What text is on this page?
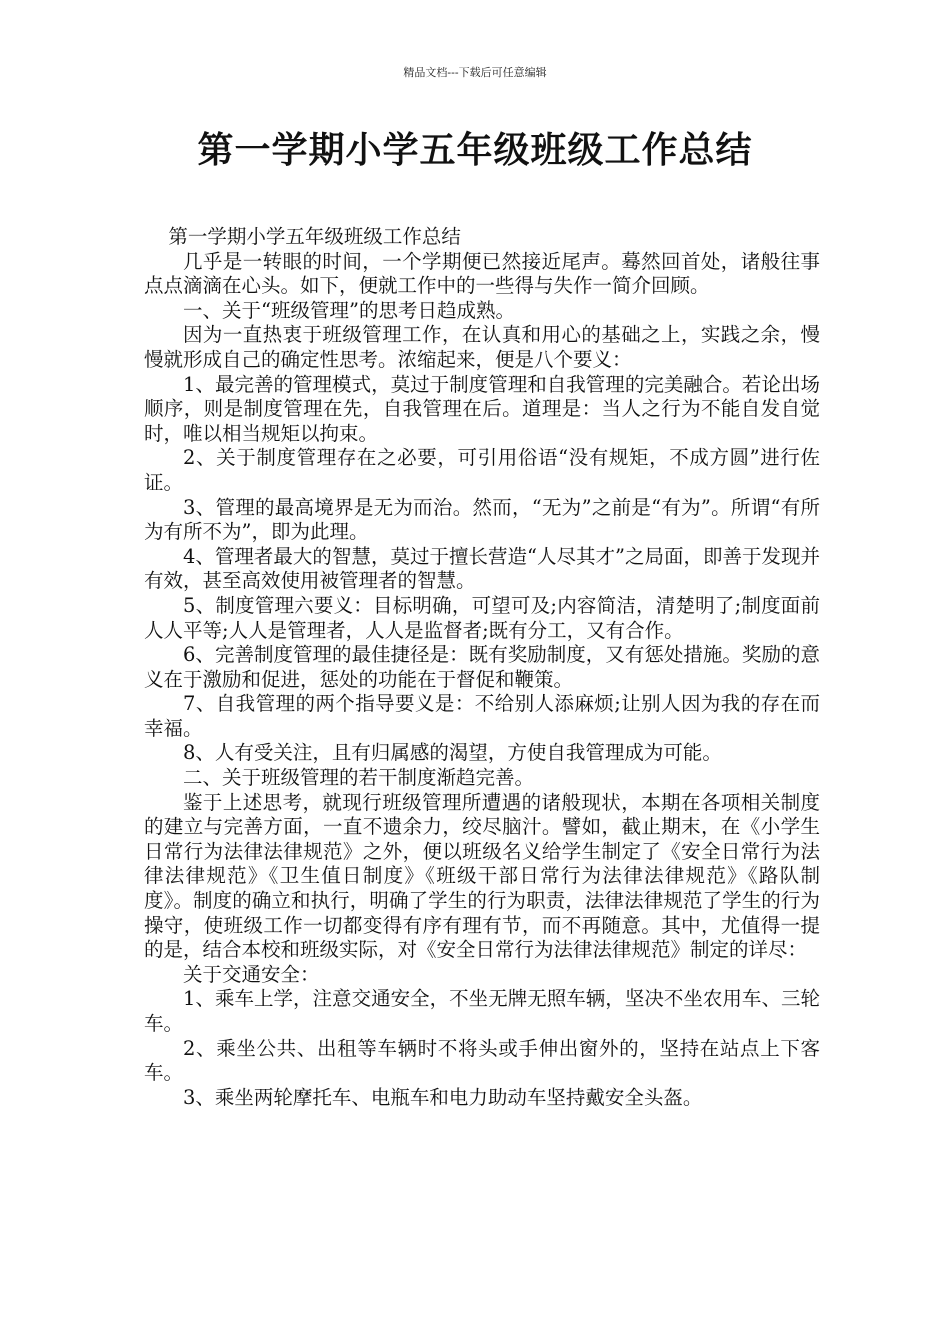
精品文档---下载后可任意编辑
第一学期小学五年级班级工作总结

第一学期小学五年级班级工作总结

几乎是一转眼的时间，一个学期便已然接近尾声。蓦然回首处，诸般往事点点滴滴在心头。如下，便就工作中的一些得与失作一简介回顾。

一、关于“班级管理”的思考日趋成熟。

因为一直热衷于班级管理工作，在认真和用心的基础之上，实践之余，慢慢就形成自己的确定性思考。浓缩起来，便是八个要义：

1、最完善的管理模式，莫过于制度管理和自我管理的完美融合。若论出场顺序，则是制度管理在先，自我管理在后。道理是：当人之行为不能自发自觉时，唯以相当规矩以拘束。

2、关于制度管理存在之必要，可引用俗语“没有规矩，不成方圆”进行佐证。

3、管理的最高境界是无为而治。然而，“无为”之前是“有为”。所谓“有所为有所不为”，即为此理。

4、管理者最大的智慧，莫过于擅长营造“人尽其才”之局面，即善于发现并有效，甚至高效使用被管理者的智慧。

5、制度管理六要义：目标明确，可望可及;内容简洁，清楚明了;制度面前人人平等;人人是管理者，人人是监督者;既有分工，又有合作。

6、完善制度管理的最佳捷径是：既有奖励制度，又有惩处措施。奖励的意义在于激励和促进，惩处的功能在于督促和鞭策。

7、自我管理的两个指导要义是：不给别人添麻烦;让别人因为我的存在而幸福。

8、人有受关注，且有归属感的渴望，方使自我管理成为可能。

二、关于班级管理的若干制度渐趋完善。

鉴于上述思考，就现行班级管理所遭遇的诸般现状，本期在各项相关制度的建立与完善方面，一直不遗余力，绞尽脑汁。譬如，截止期末，在《小学生日常行为法律法律规范》之外，便以班级名义给学生制定了《安全日常行为法律法律规范》《卫生值日制度》《班级干部日常行为法律法律规范》《路队制度》。制度的确立和执行，明确了学生的行为职责，法律法律规范了学生的行为操守，使班级工作一切都变得有序有理有节，而不再随意。其中，尤值得一提的是，结合本校和班级实际，对《安全日常行为法律法律规范》制定的详尽：

关于交通安全：

1、乘车上学，注意交通安全，不坐无牌无照车辆，坚决不坐农用车、三轮车。

2、乘坐公共、出租等车辆时不将头或手伸出窗外的，坚持在站点上下客车。

3、乘坐两轮摩托车、电瓶车和电力助动车坚持戴安全头盔。
